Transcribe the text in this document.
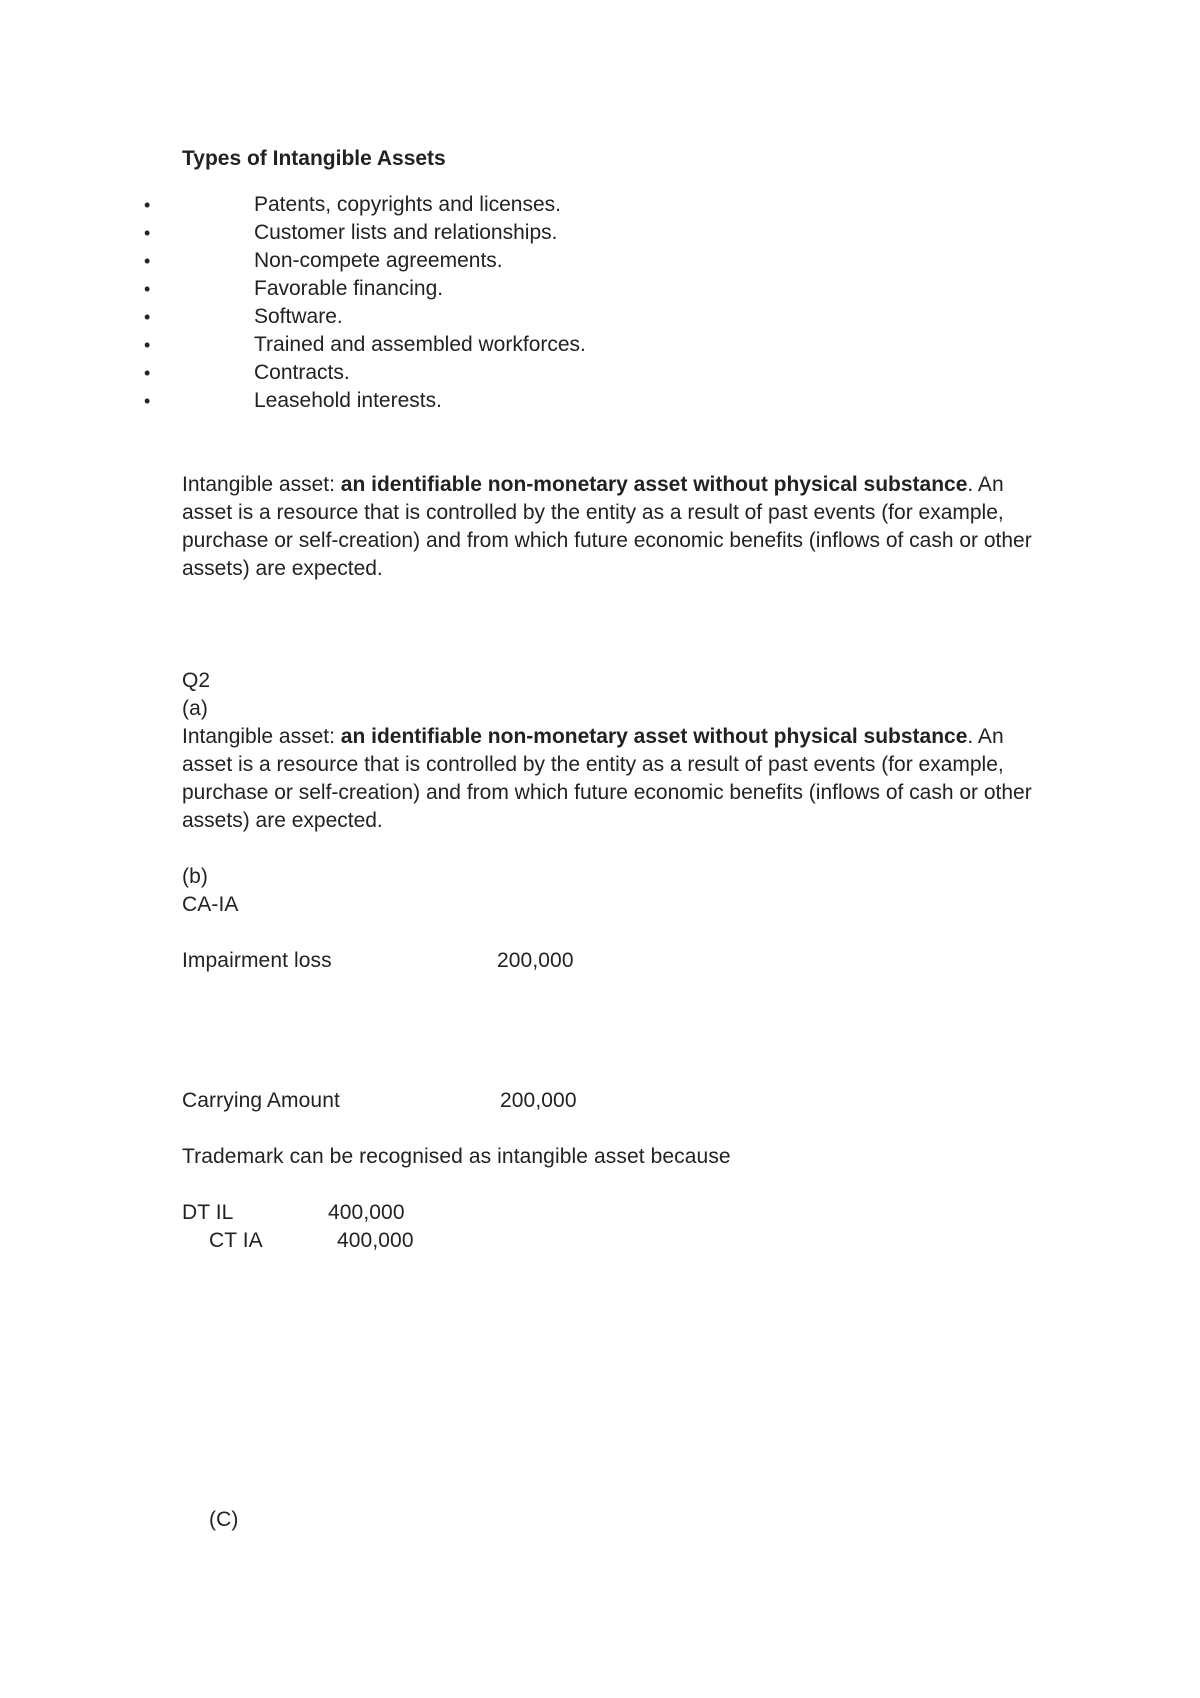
Types of Intangible Assets
•	Patents, copyrights and licenses.
•	Customer lists and relationships.
•	Non-compete agreements.
•	Favorable financing.
•	Software.
•	Trained and assembled workforces.
•	Contracts.
•	Leasehold interests.
Intangible asset: an identifiable non-monetary asset without physical substance. An asset is a resource that is controlled by the entity as a result of past events (for example, purchase or self-creation) and from which future economic benefits (inflows of cash or other assets) are expected.
Q2
(a)
Intangible asset: an identifiable non-monetary asset without physical substance. An asset is a resource that is controlled by the entity as a result of past events (for example, purchase or self-creation) and from which future economic benefits (inflows of cash or other assets) are expected.
(b)
CA-IA
Impairment loss	200,000
Carrying Amount	200,000
Trademark can be recognised as intangible asset because
DT IL	400,000
CT IA	400,000
(C)
